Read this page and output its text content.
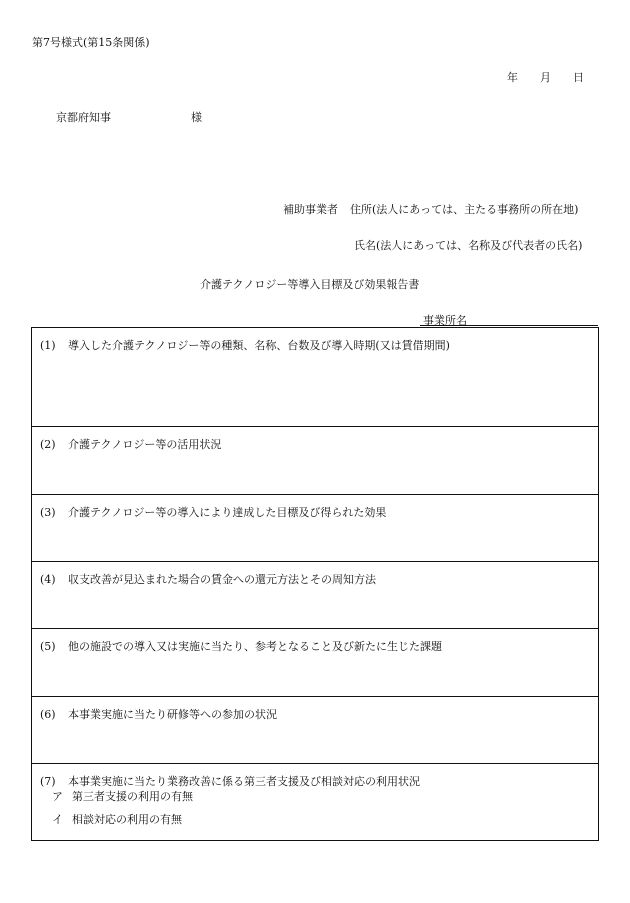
第7号様式(第15条関係)
年 月 日
京都府知事	様
補助事業者 住所(法人にあっては、主たる事務所の所在地)
氏名(法人にあっては、名称及び代表者の氏名)
介護テクノロジー等導入目標及び効果報告書
事業所名
(1) 導入した介護テクノロジー等の種類、名称、台数及び導入時期(又は賃借期間)
(2) 介護テクノロジー等の活用状況
(3) 介護テクノロジー等の導入により達成した目標及び得られた効果
(4) 収支改善が見込まれた場合の賃金への還元方法とその周知方法
(5) 他の施設での導入又は実施に当たり、参考となること及び新たに生じた課題
(6) 本事業実施に当たり研修等への参加の状況
(7) 本事業実施に当たり業務改善に係る第三者支援及び相談対応の利用状況
ア 第三者支援の利用の有無
イ 相談対応の利用の有無
